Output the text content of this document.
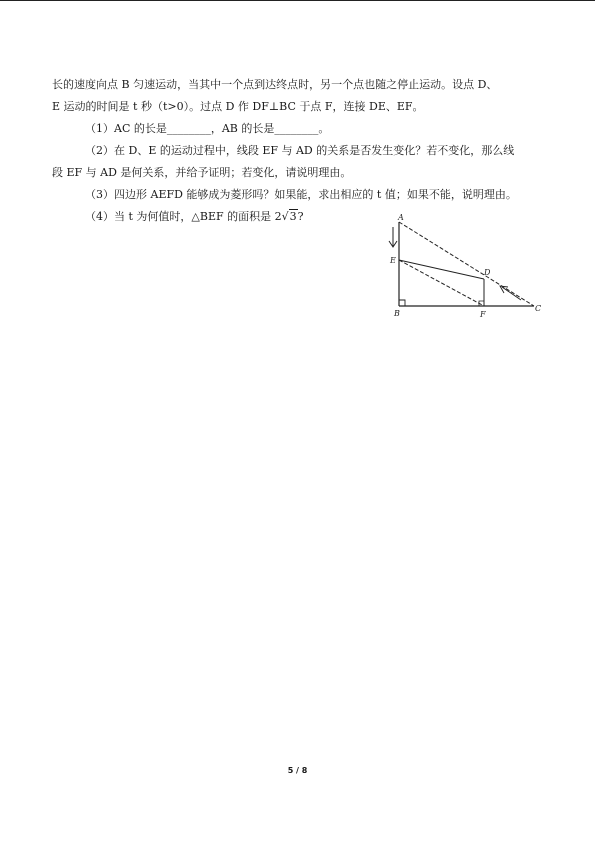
长的速度向点 B 匀速运动，当其中一个点到达终点时，另一个点也随之停止运动。设点 D、
E 运动的时间是 t 秒（t>0）。过点 D 作 DF⊥BC 于点 F，连接 DE、EF。
（1）AC 的长是________，AB 的长是________。
（2）在 D、E 的运动过程中，线段 EF 与 AD 的关系是否发生变化？若不变化，那么线
段 EF 与 AD 是何关系，并给予证明；若变化，请说明理由。
（3）四边形 AEFD 能够成为菱形吗？如果能，求出相应的 t 值；如果不能，说明理由。
（4）当 t 为何值时，△BEF 的面积是 2√3?	A
E
D
B	F
C
5 / 8
